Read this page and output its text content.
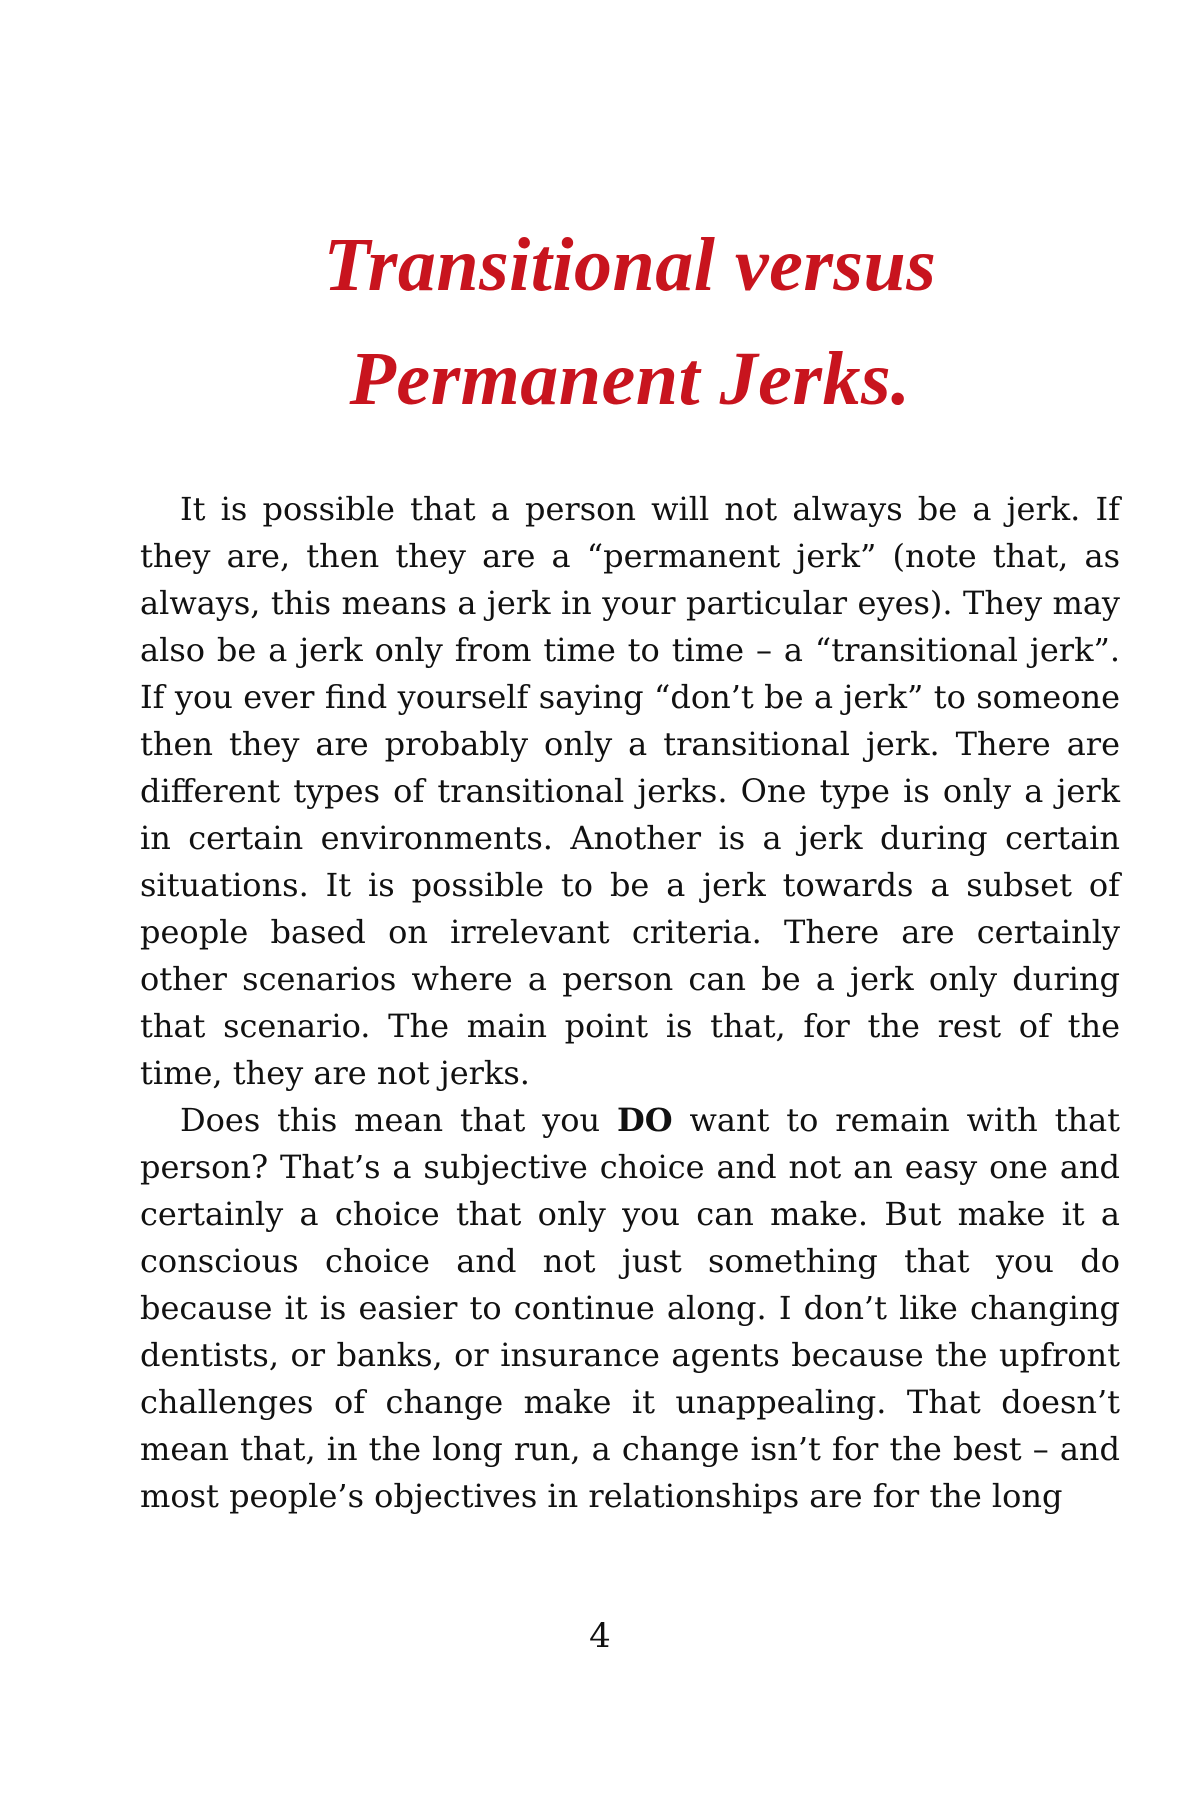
Transitional versus
Permanent Jerks.

It is possible that a person will not always be a jerk. If they are, then they are a “permanent jerk” (note that, as always, this means a jerk in your particular eyes). They may also be a jerk only from time to time – a “transitional jerk”. If you ever find yourself saying “don’t be a jerk” to someone then they are probably only a transitional jerk. There are different types of transitional jerks. One type is only a jerk in certain environments. Another is a jerk during certain situations. It is possible to be a jerk towards a subset of people based on irrelevant criteria. There are certainly other scenarios where a person can be a jerk only during that scenario. The main point is that, for the rest of the time, they are not jerks.

Does this mean that you DO want to remain with that person? That’s a subjective choice and not an easy one and certainly a choice that only you can make. But make it a conscious choice and not just something that you do because it is easier to continue along. I don’t like changing dentists, or banks, or insurance agents because the upfront challenges of change make it unappealing. That doesn’t mean that, in the long run, a change isn’t for the best – and most people’s objectives in relationships are for the long

4
